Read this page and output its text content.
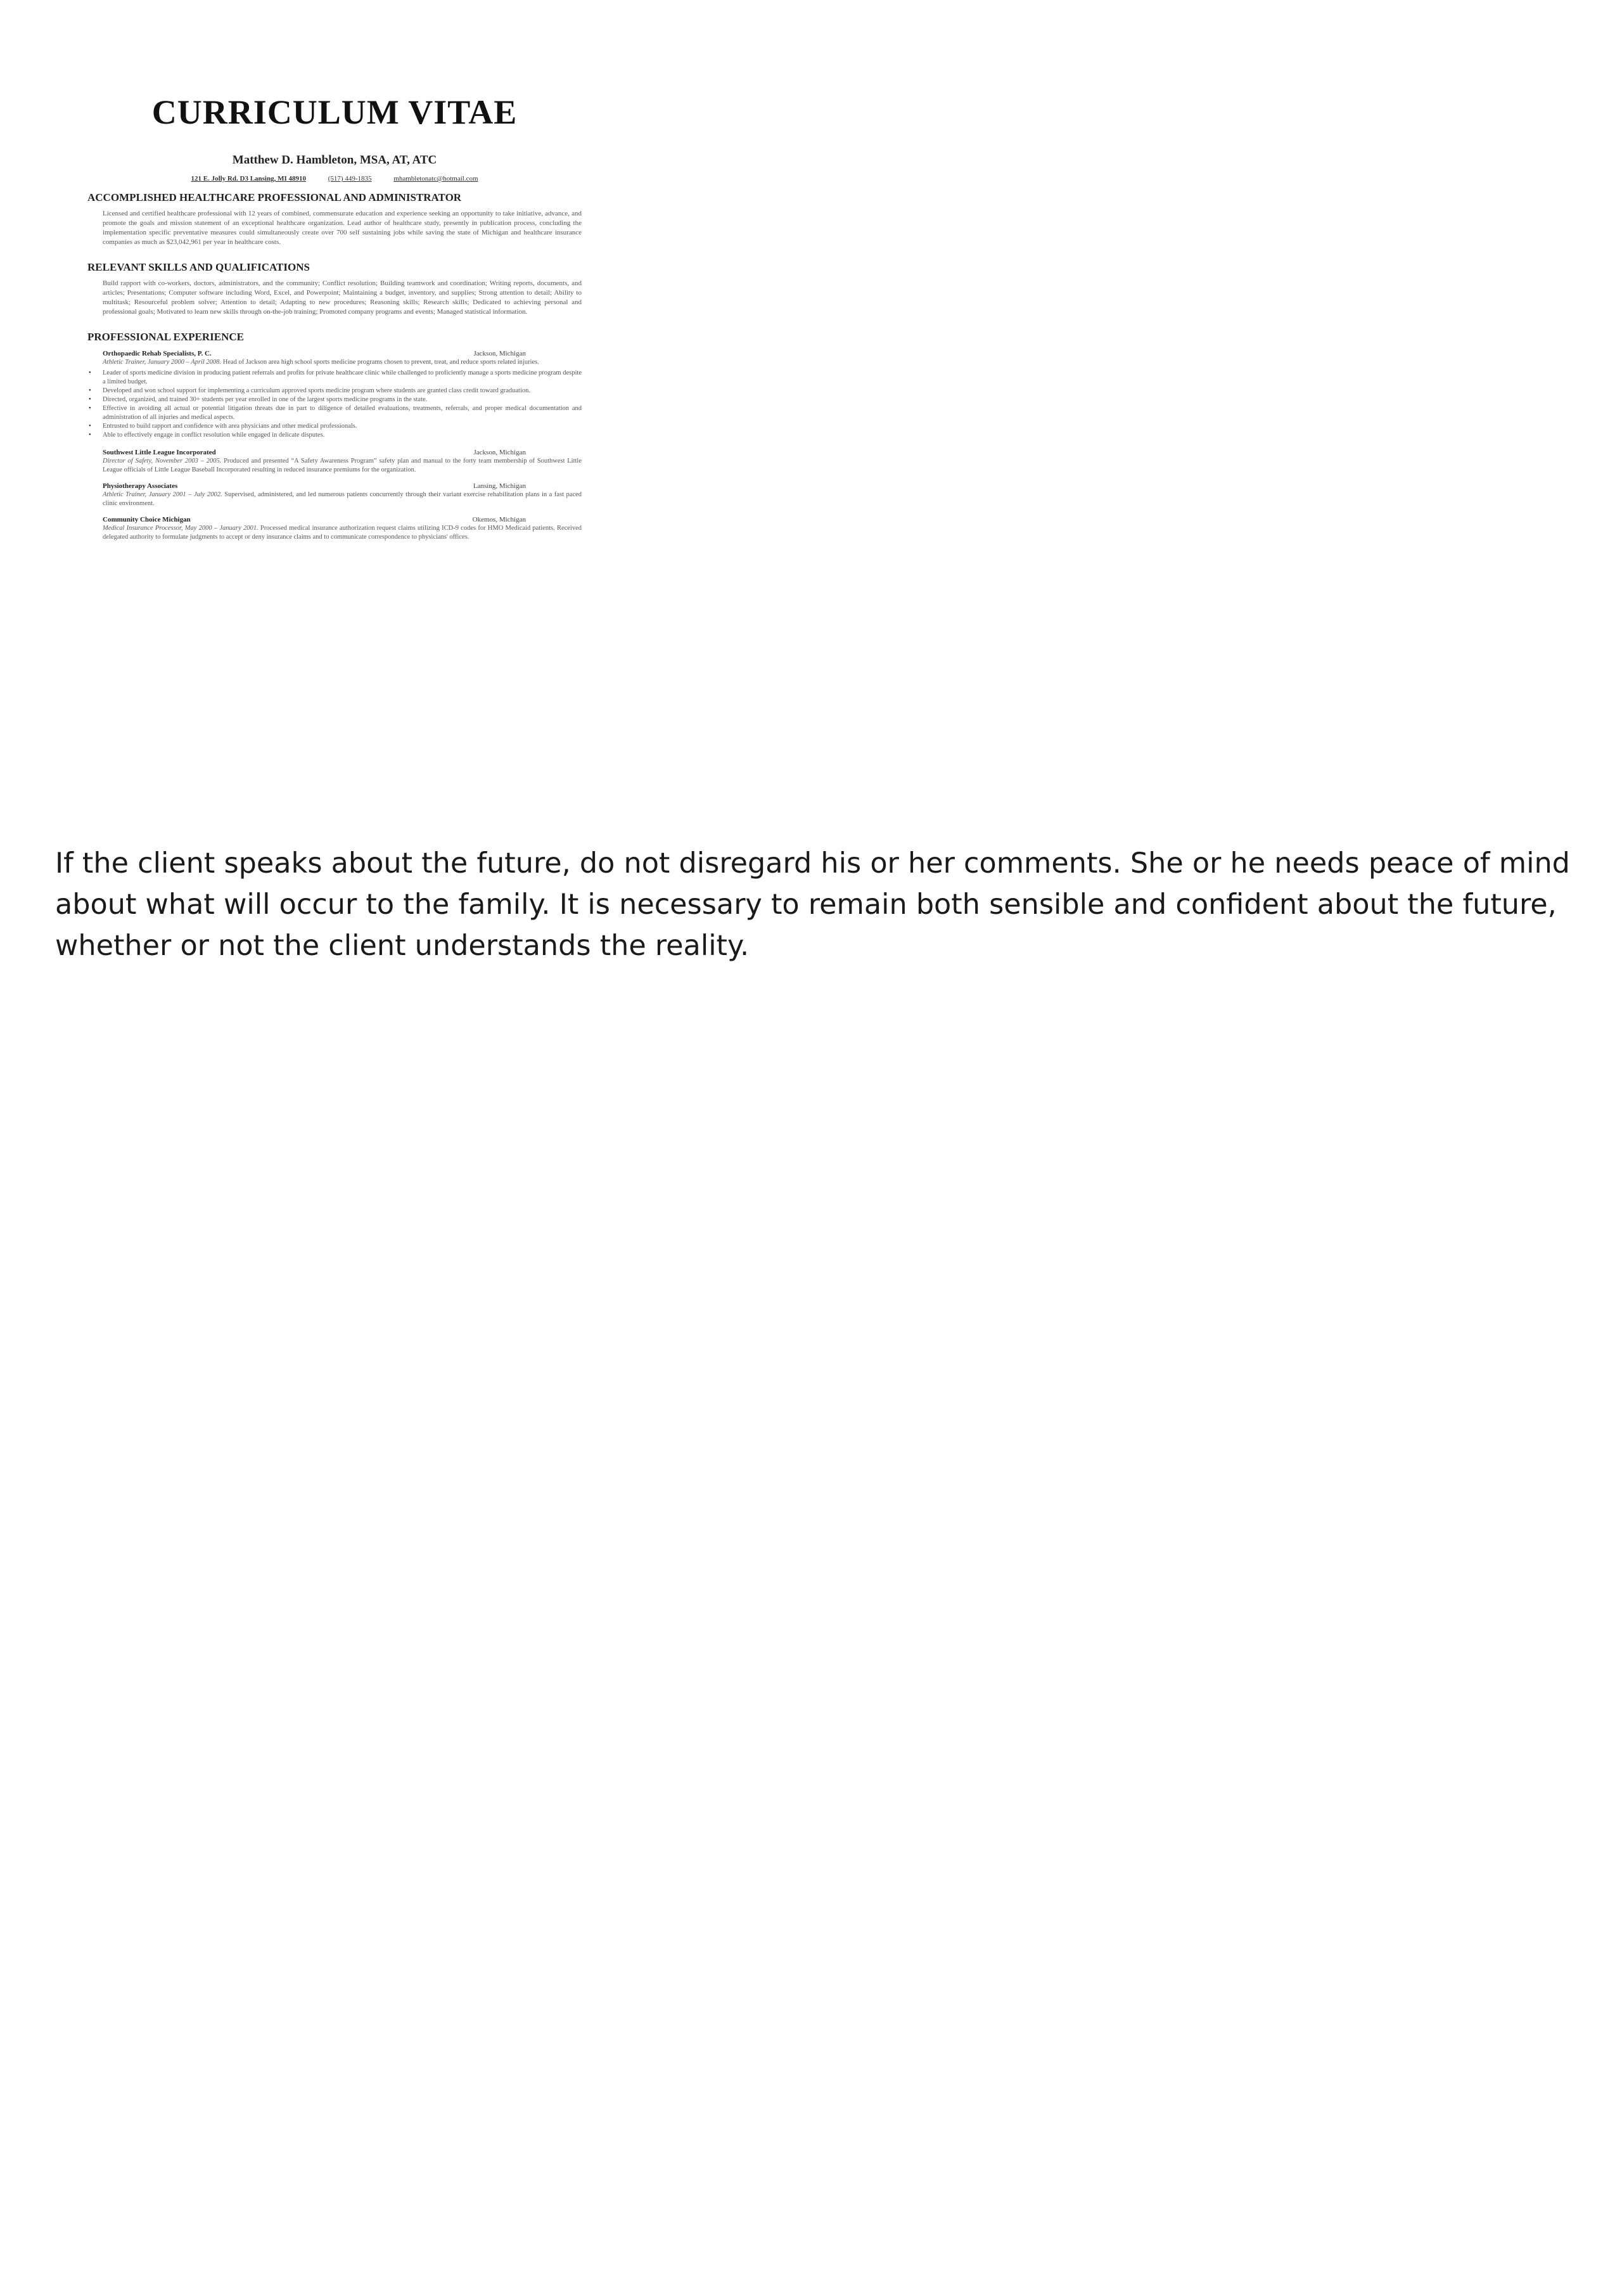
CURRICULUM VITAE
Matthew D. Hambleton, MSA, AT, ATC
121 E. Jolly Rd. D3 Lansing, MI 48910	(517) 449-1835	mhambletonatc@hotmail.com
ACCOMPLISHED HEALTHCARE PROFESSIONAL AND ADMINISTRATOR
Licensed and certified healthcare professional with 12 years of combined, commensurate education and experience seeking an opportunity to take initiative, advance, and promote the goals and mission statement of an exceptional healthcare organization. Lead author of healthcare study, presently in publication process, concluding the implementation specific preventative measures could simultaneously create over 700 self sustaining jobs while saving the state of Michigan and healthcare insurance companies as much as $23,042,961 per year in healthcare costs.
RELEVANT SKILLS AND QUALIFICATIONS
Build rapport with co-workers, doctors, administrators, and the community; Conflict resolution; Building teamwork and coordination; Writing reports, documents, and articles; Presentations; Computer software including Word, Excel, and Powerpoint; Maintaining a budget, inventory, and supplies; Strong attention to detail; Ability to multitask; Resourceful problem solver; Attention to detail; Adapting to new procedures; Reasoning skills; Research skills; Dedicated to achieving personal and professional goals; Motivated to learn new skills through on-the-job training; Promoted company programs and events; Managed statistical information.
PROFESSIONAL EXPERIENCE
Orthopaedic Rehab Specialists, P. C.	Jackson, Michigan
Athletic Trainer, January 2000 – April 2008. Head of Jackson area high school sports medicine programs chosen to prevent, treat, and reduce sports related injuries.
• Leader of sports medicine division in producing patient referrals and profits for private healthcare clinic while challenged to proficiently manage a sports medicine program despite a limited budget.
• Developed and won school support for implementing a curriculum approved sports medicine program where students are granted class credit toward graduation.
• Directed, organized, and trained 30+ students per year enrolled in one of the largest sports medicine programs in the state.
• Effective in avoiding all actual or potential litigation threats due in part to diligence of detailed evaluations, treatments, referrals, and proper medical documentation and administration of all injuries and medical aspects.
• Entrusted to build rapport and confidence with area physicians and other medical professionals.
• Able to effectively engage in conflict resolution while engaged in delicate disputes.
Southwest Little League Incorporated	Jackson, Michigan
Director of Safety, November 2003 – 2005. Produced and presented “A Safety Awareness Program” safety plan and manual to the forty team membership of Southwest Little League officials of Little League Baseball Incorporated resulting in reduced insurance premiums for the organization.
Physiotherapy Associates	Lansing, Michigan
Athletic Trainer, January 2001 – July 2002. Supervised, administered, and led numerous patients concurrently through their variant exercise rehabilitation plans in a fast paced clinic environment.
Community Choice Michigan	Okemos, Michigan
Medical Insurance Processor, May 2000 – January 2001. Processed medical insurance authorization request claims utilizing ICD-9 codes for HMO Medicaid patients. Received delegated authority to formulate judgments to accept or deny insurance claims and to communicate correspondence to physicians' offices.

If the client speaks about the future, do not disregard his or her comments. She or he needs peace of mind about what will occur to the family. It is necessary to remain both sensible and confident about the future, whether or not the client understands the reality.
